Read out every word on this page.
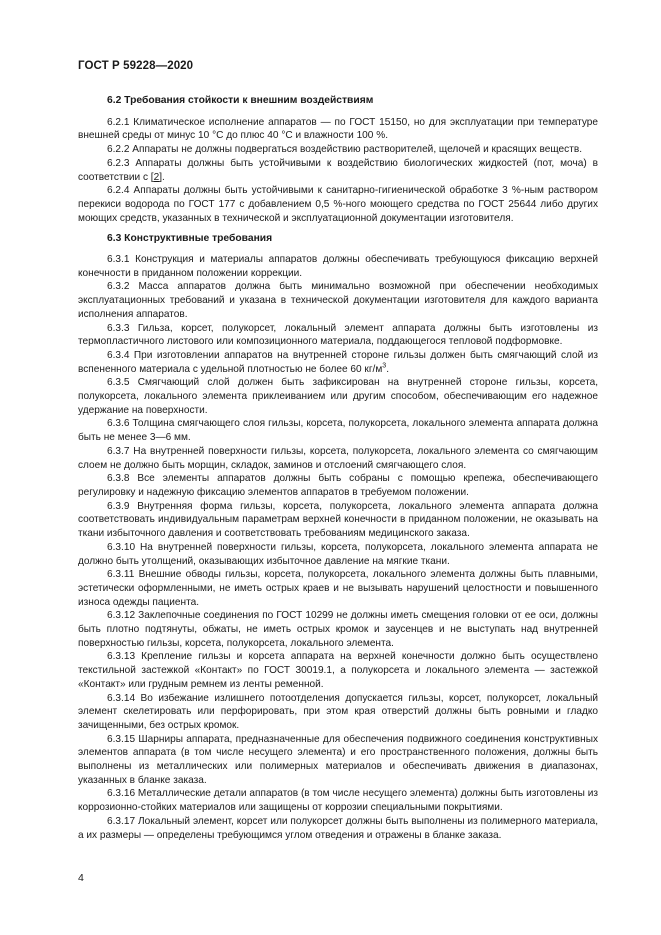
ГОСТ Р 59228—2020
6.2 Требования стойкости к внешним воздействиям
6.2.1 Климатическое исполнение аппаратов — по ГОСТ 15150, но для эксплуатации при температуре внешней среды от минус 10 °С до плюс 40 °С и влажности 100 %.
6.2.2 Аппараты не должны подвергаться воздействию растворителей, щелочей и красящих веществ.
6.2.3 Аппараты должны быть устойчивыми к воздействию биологических жидкостей (пот, моча) в соответствии с [2].
6.2.4 Аппараты должны быть устойчивыми к санитарно-гигиенической обработке 3 %-ным раствором перекиси водорода по ГОСТ 177 с добавлением 0,5 %-ного моющего средства по ГОСТ 25644 либо других моющих средств, указанных в технической и эксплуатационной документации изготовителя.
6.3 Конструктивные требования
6.3.1 Конструкция и материалы аппаратов должны обеспечивать требующуюся фиксацию верхней конечности в приданном положении коррекции.
6.3.2 Масса аппаратов должна быть минимально возможной при обеспечении необходимых эксплуатационных требований и указана в технической документации изготовителя для каждого варианта исполнения аппаратов.
6.3.3 Гильза, корсет, полукорсет, локальный элемент аппарата должны быть изготовлены из термопластичного листового или композиционного материала, поддающегося тепловой подформовке.
6.3.4 При изготовлении аппаратов на внутренней стороне гильзы должен быть смягчающий слой из вспененного материала с удельной плотностью не более 60 $кг/м^3$.
6.3.5 Смягчающий слой должен быть зафиксирован на внутренней стороне гильзы, корсета, полукорсета, локального элемента приклеиванием или другим способом, обеспечивающим его надежное удержание на поверхности.
6.3.6 Толщина смягчающего слоя гильзы, корсета, полукорсета, локального элемента аппарата должна быть не менее 3—6 мм.
6.3.7 На внутренней поверхности гильзы, корсета, полукорсета, локального элемента со смягчающим слоем не должно быть морщин, складок, заминов и отслоений смягчающего слоя.
6.3.8 Все элементы аппаратов должны быть собраны с помощью крепежа, обеспечивающего регулировку и надежную фиксацию элементов аппаратов в требуемом положении.
6.3.9 Внутренняя форма гильзы, корсета, полукорсета, локального элемента аппарата должна соответствовать индивидуальным параметрам верхней конечности в приданном положении, не оказывать на ткани избыточного давления и соответствовать требованиям медицинского заказа.
6.3.10 На внутренней поверхности гильзы, корсета, полукорсета, локального элемента аппарата не должно быть утолщений, оказывающих избыточное давление на мягкие ткани.
6.3.11 Внешние обводы гильзы, корсета, полукорсета, локального элемента должны быть плавными, эстетически оформленными, не иметь острых краев и не вызывать нарушений целостности и повышенного износа одежды пациента.
6.3.12 Заклепочные соединения по ГОСТ 10299 не должны иметь смещения головки от ее оси, должны быть плотно подтянуты, обжаты, не иметь острых кромок и заусенцев и не выступать над внутренней поверхностью гильзы, корсета, полукорсета, локального элемента.
6.3.13 Крепление гильзы и корсета аппарата на верхней конечности должно быть осуществлено текстильной застежкой «Контакт» по ГОСТ 30019.1, а полукорсета и локального элемента — застежкой «Контакт» или грудным ремнем из ленты ременной.
6.3.14 Во избежание излишнего потоотделения допускается гильзы, корсет, полукорсет, локальный элемент скелетировать или перфорировать, при этом края отверстий должны быть ровными и гладко зачищенными, без острых кромок.
6.3.15 Шарниры аппарата, предназначенные для обеспечения подвижного соединения конструктивных элементов аппарата (в том числе несущего элемента) и его пространственного положения, должны быть выполнены из металлических или полимерных материалов и обеспечивать движения в диапазонах, указанных в бланке заказа.
6.3.16 Металлические детали аппаратов (в том числе несущего элемента) должны быть изготовлены из коррозионно-стойких материалов или защищены от коррозии специальными покрытиями.
6.3.17 Локальный элемент, корсет или полукорсет должны быть выполнены из полимерного материала, а их размеры — определены требующимся углом отведения и отражены в бланке заказа.
4
